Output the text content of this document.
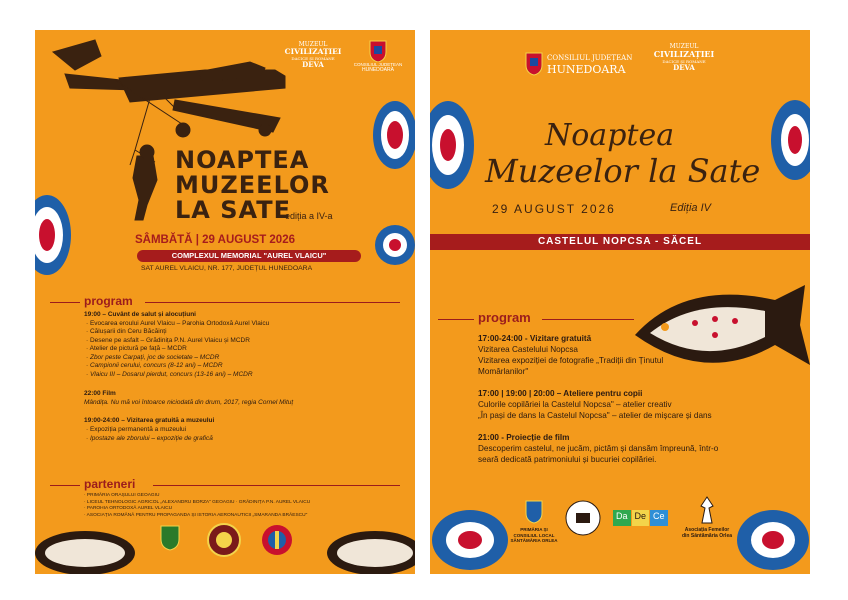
MUZEUL
CIVILIZAȚIEI
DACICE ȘI ROMANE
DEVA	CONSILIUL JUDEȚEAN
HUNEDOARA
NOAPTEA
MUZEELOR
LA SATE
ediția a IV-a
SÂMBĂTĂ | 29 AUGUST 2026
COMPLEXUL MEMORIAL "AUREL VLAICU"
SAT AUREL VLAICU, NR. 177, JUDEȚUL HUNEDOARA
program
19:00 – Cuvânt de salut și alocuțiuni
· Evocarea eroului Aurel Vlaicu – Parohia Ortodoxă Aurel Vlaicu
· Călușarii din Ceru Băcăinți
· Desene pe asfalt – Grădinița P.N. Aurel Vlaicu și MCDR
· Atelier de pictură pe față – MCDR
· Zbor peste Carpați, joc de societate – MCDR
· Campionii cerului, concurs (8-12 ani) – MCDR
· Vlaicu III – Dosarul pierdut, concurs (13-16 ani) – MCDR
22:00 Film
Mândița. Nu mă voi întoarce niciodată din drum, 2017, regia Cornel Mituț
19:00-24:00 – Vizitarea gratuită a muzeului
· Expoziția permanentă a muzeului
· Ipostaze ale zborului – expoziție de grafică
parteneri
· PRIMĂRIA ORAȘULUI GEOAGIU
· LICEUL TEHNOLOGIC AGRICOL „ALEXANDRU BORZA" GEOAGIU · GRĂDINIȚA P.N. AUREL VLAICU
· PAROHIA ORTODOXĂ AUREL VLAICU
· ASOCIAȚIA ROMÂNĂ PENTRU PROPAGANDA ȘI ISTORIA AERONAUTICII „SMARANDA BRĂESCU"
CONSILIUL JUDEȚEAN
HUNEDOARA
MUZEUL
CIVILIZAȚIEI
DACICE ȘI ROMANE
DEVA
Noaptea
Muzeelor la Sate
29 AUGUST 2026	Ediția IV
CASTELUL NOPCSA - SĂCEL
program
17:00-24:00 - Vizitare gratuită
Vizitarea Castelului Nopcsa
Vizitarea expoziției de fotografie „Tradiții din Ținutul
Momârlanilor"
17:00 | 19:00 | 20:00 – Ateliere pentru copii
Culorile copilăriei la Castelul Nopcsa" – atelier creativ
„În pași de dans la Castelul Nopcsa" – atelier de mișcare și dans
21:00 - Proiecție de film
Descoperim castelul, ne jucăm, pictăm și dansăm împreună, într-o
seară dedicată patrimoniului și bucuriei copilăriei.
PRIMĂRIA ȘI
CONSILIUL LOCAL
SÂNTĂMĂRIA ORLEA
Da De Ce
Asociația Femeilor
din Sântămăria Orlea
